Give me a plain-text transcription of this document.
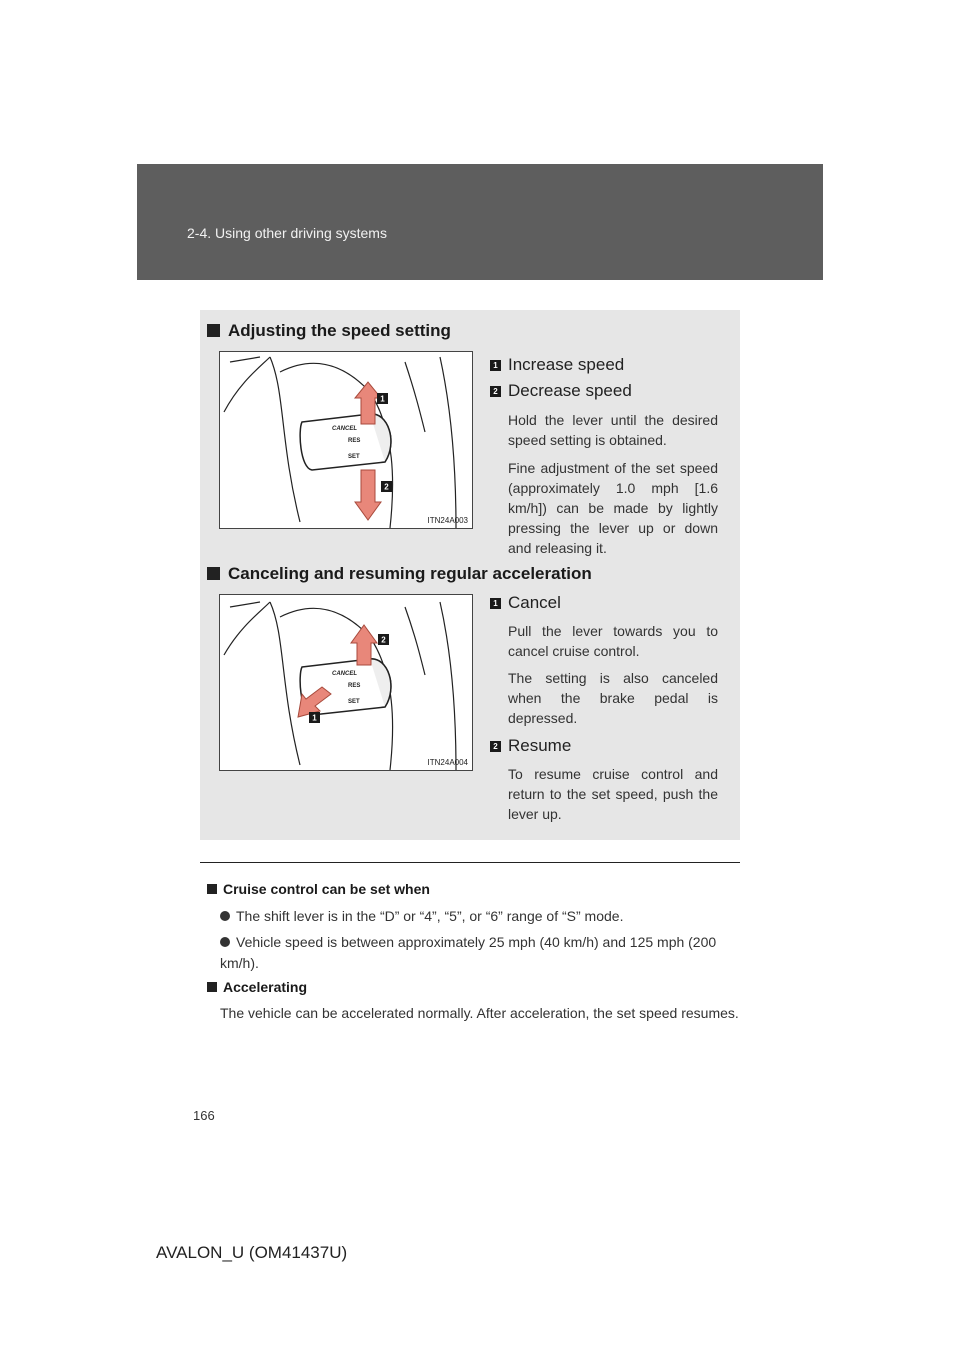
2-4. Using other driving systems
Adjusting the speed setting
CANCEL
RES
SET
1
2
ITN24A003
1 Increase speed
2 Decrease speed
Hold the lever until the desired speed setting is obtained.
Fine adjustment of the set speed (approximately 1.0 mph [1.6 km/h]) can be made by lightly pressing the lever up or down and releasing it.
Canceling and resuming regular acceleration
CANCEL
RES
SET
2
1
ITN24A004
1 Cancel
Pull the lever towards you to cancel cruise control.
The setting is also canceled when the brake pedal is depressed.
2 Resume
To resume cruise control and return to the set speed, push the lever up.
Cruise control can be set when
The shift lever is in the “D” or “4”, “5”, or “6” range of “S” mode.
Vehicle speed is between approximately 25 mph (40 km/h) and 125 mph (200 km/h).
Accelerating
The vehicle can be accelerated normally. After acceleration, the set speed resumes.
166
AVALON_U (OM41437U)
